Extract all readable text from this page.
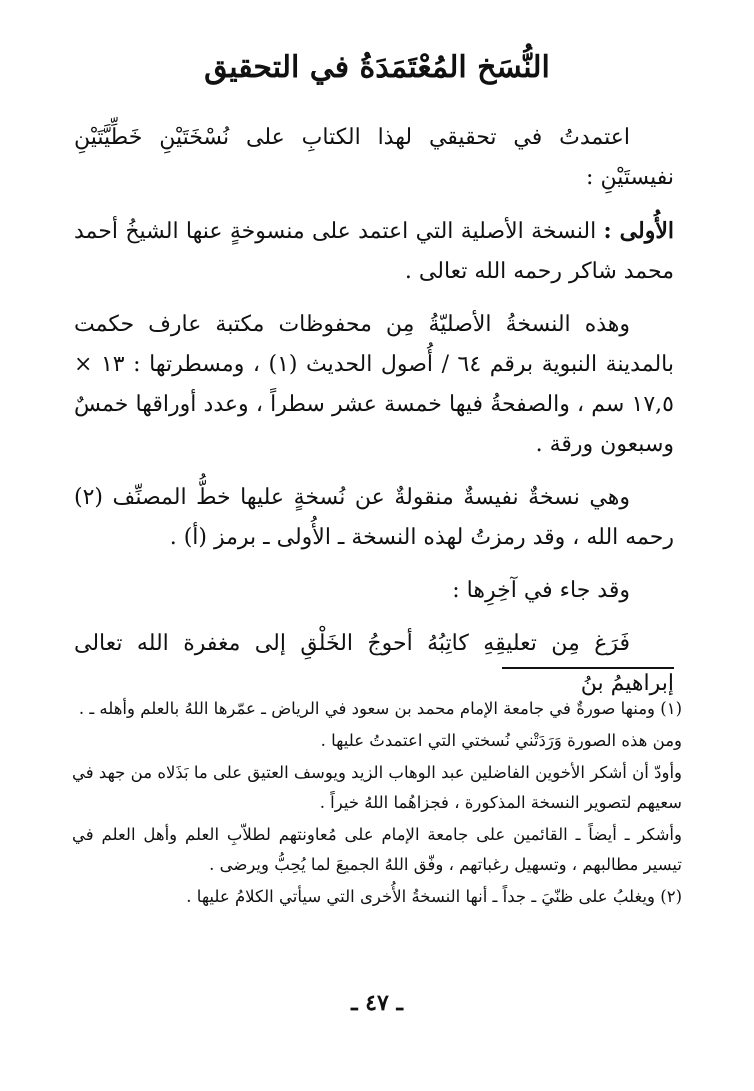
النُّسَخ المُعْتَمَدَةُ في التحقيق

اعتمدتُ في تحقيقي لهذا الكتابِ على نُسْخَتَيْنِ خَطِّيَّتَيْنِ نفيستَيْنِ :

الأُولى : النسخة الأصلية التي اعتمد على منسوخةٍ عنها الشيخُ أحمد محمد شاكر رحمه الله تعالى .

وهذه النسخةُ الأصليّةُ مِن محفوظات مكتبة عارف حكمت بالمدينة النبوية برقم ٦٤ / أُصول الحديث (١) ، ومسطرتها : ١٣ × ١٧,٥ سم ، والصفحةُ فيها خمسة عشر سطراً ، وعدد أوراقها خمسٌ وسبعون ورقة .

وهي نسخةٌ نفيسةٌ منقولةٌ عن نُسخةٍ عليها خطُّ المصنِّف (٢) رحمه الله ، وقد رمزتُ لهذه النسخة ـ الأُولى ـ برمز (أ) .

وقد جاء في آخِرِها :

فَرَغ مِن تعليقِهِ كاتِبُهُ أحوجُ الخَلْقِ إلى مغفرة الله تعالى إبراهيمُ بنُ

(١) ومنها صورةٌ في جامعة الإمام محمد بن سعود في الرياض ـ عمّرها اللهُ بالعلم وأهله ـ .

ومن هذه الصورة وَرَدَتْني نُسختي التي اعتمدتُ عليها .

وأودّ أن أشكر الأخوين الفاضلين عبد الوهاب الزيد ويوسف العتيق على ما بَذَلاه من جهد في سعيهم لتصوير النسخة المذكورة ، فجزاهُما اللهُ خيراً .

وأشكر ـ أيضاً ـ القائمين على جامعة الإمام على مُعاونتهم لطلاّبِ العلم وأهل العلم في تيسير مطالبهم ، وتسهيل رغباتهم ، وفّق اللهُ الجميعَ لما يُحِبُّ ويرضى .

(٢) ويغلبُ على ظنّيَ ـ جداً ـ أنها النسخةُ الأُخرى التي سيأتي الكلامُ عليها .

ـ ٤٧ ـ
